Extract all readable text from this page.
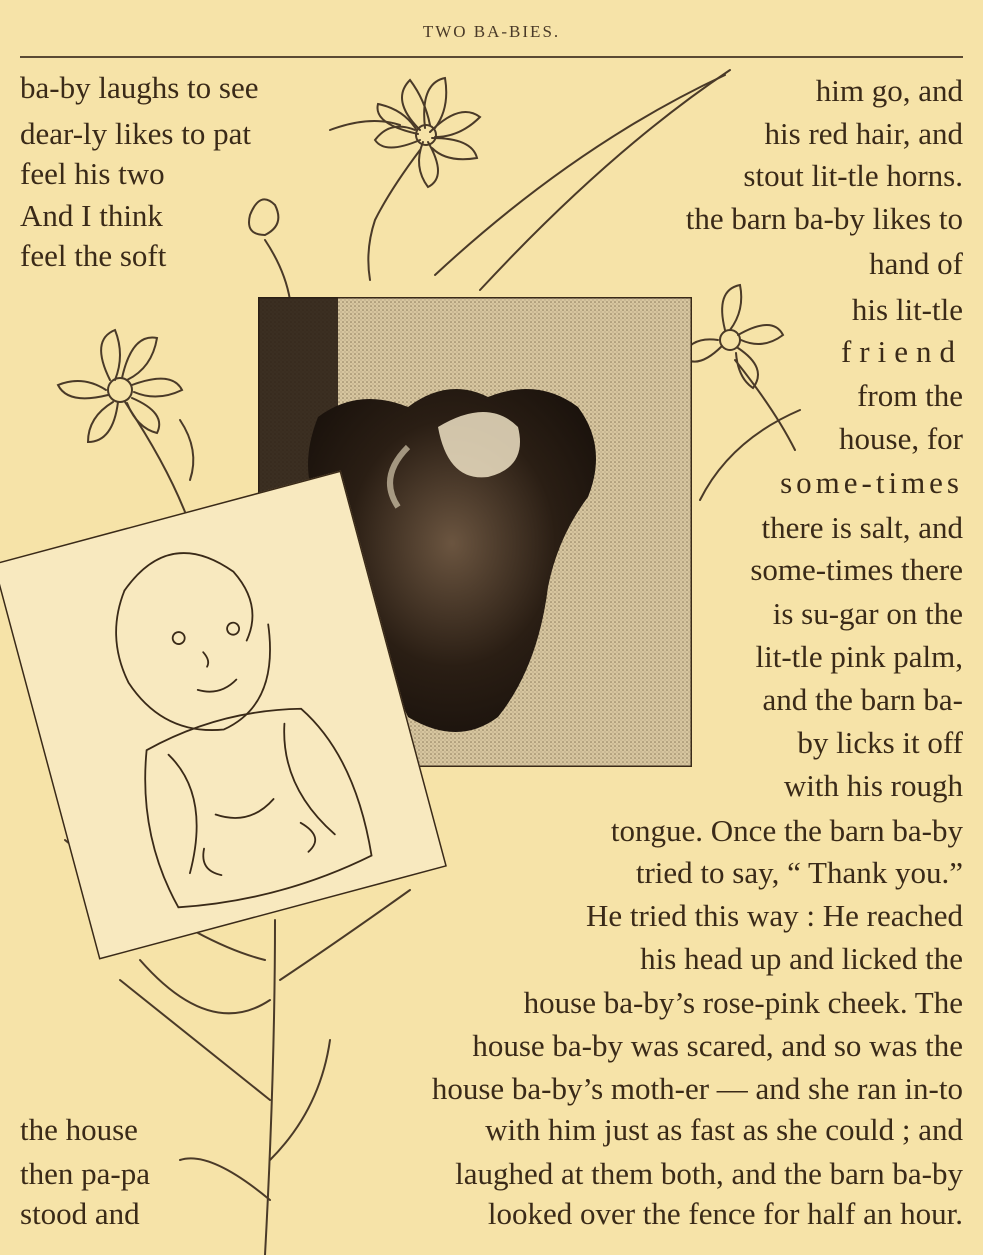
TWO BA-BIES.
ba-by laughs to see
dear-ly likes to pat
feel his two
And I think
feel the soft
him go, and
his red hair, and
stout lit-tle horns.
the barn ba-by likes to
hand of
his lit-tle
friend
from the
house, for
some-times
there is salt, and
some-times there
is su-gar on the
lit-tle pink palm,
and the barn ba-
by licks it off
with his rough
tongue. Once the barn ba-by
tried to say, “ Thank you.”
He tried this way : He reached
his head up and licked the
house ba-by’s rose-pink cheek. The
house ba-by was scared, and so was the
house ba-by’s moth-er — and she ran in-to
with him just as fast as she could ; and
laughed at them both, and the barn ba-by
looked over the fence for half an hour.
the house
then pa-pa
stood and
